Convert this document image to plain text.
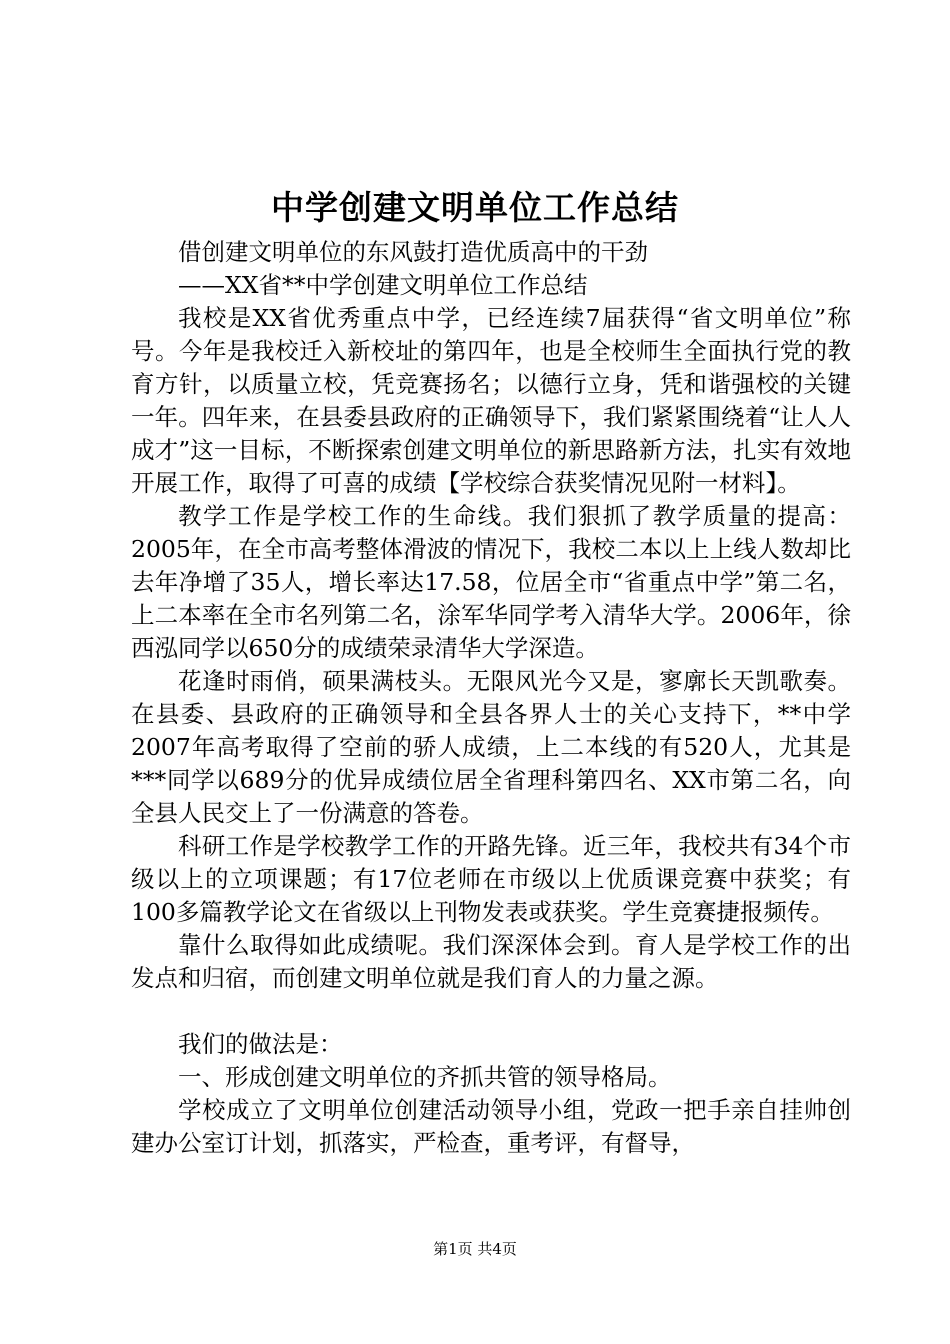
中学创建文明单位工作总结

借创建文明单位的东风鼓打造优质高中的干劲

——XX省**中学创建文明单位工作总结

我校是XX省优秀重点中学，已经连续7届获得“省文明单位”称号。今年是我校迁入新校址的第四年，也是全校师生全面执行党的教育方针，以质量立校，凭竞赛扬名；以德行立身，凭和谐强校的关键一年。四年来，在县委县政府的正确领导下，我们紧紧围绕着“让人人成才”这一目标，不断探索创建文明单位的新思路新方法，扎实有效地开展工作，取得了可喜的成绩【学校综合获奖情况见附一材料】。

教学工作是学校工作的生命线。我们狠抓了教学质量的提高：2005年，在全市高考整体滑波的情况下，我校二本以上上线人数却比去年净增了35人，增长率达17.58，位居全市“省重点中学”第二名，上二本率在全市名列第二名，涂军华同学考入清华大学。2006年，徐西泓同学以650分的成绩荣录清华大学深造。

花逢时雨俏，硕果满枝头。无限风光今又是，寥廓长天凯歌奏。在县委、县政府的正确领导和全县各界人士的关心支持下，**中学2007年高考取得了空前的骄人成绩，上二本线的有520人，尤其是***同学以689分的优异成绩位居全省理科第四名、XX市第二名，向全县人民交上了一份满意的答卷。

科研工作是学校教学工作的开路先锋。近三年，我校共有34个市级以上的立项课题；有17位老师在市级以上优质课竞赛中获奖；有100多篇教学论文在省级以上刊物发表或获奖。学生竞赛捷报频传。

靠什么取得如此成绩呢。我们深深体会到。育人是学校工作的出发点和归宿，而创建文明单位就是我们育人的力量之源。

我们的做法是：

一、形成创建文明单位的齐抓共管的领导格局。

学校成立了文明单位创建活动领导小组，党政一把手亲自挂帅创建办公室订计划，抓落实，严检查，重考评，有督导，

第1页 共4页
